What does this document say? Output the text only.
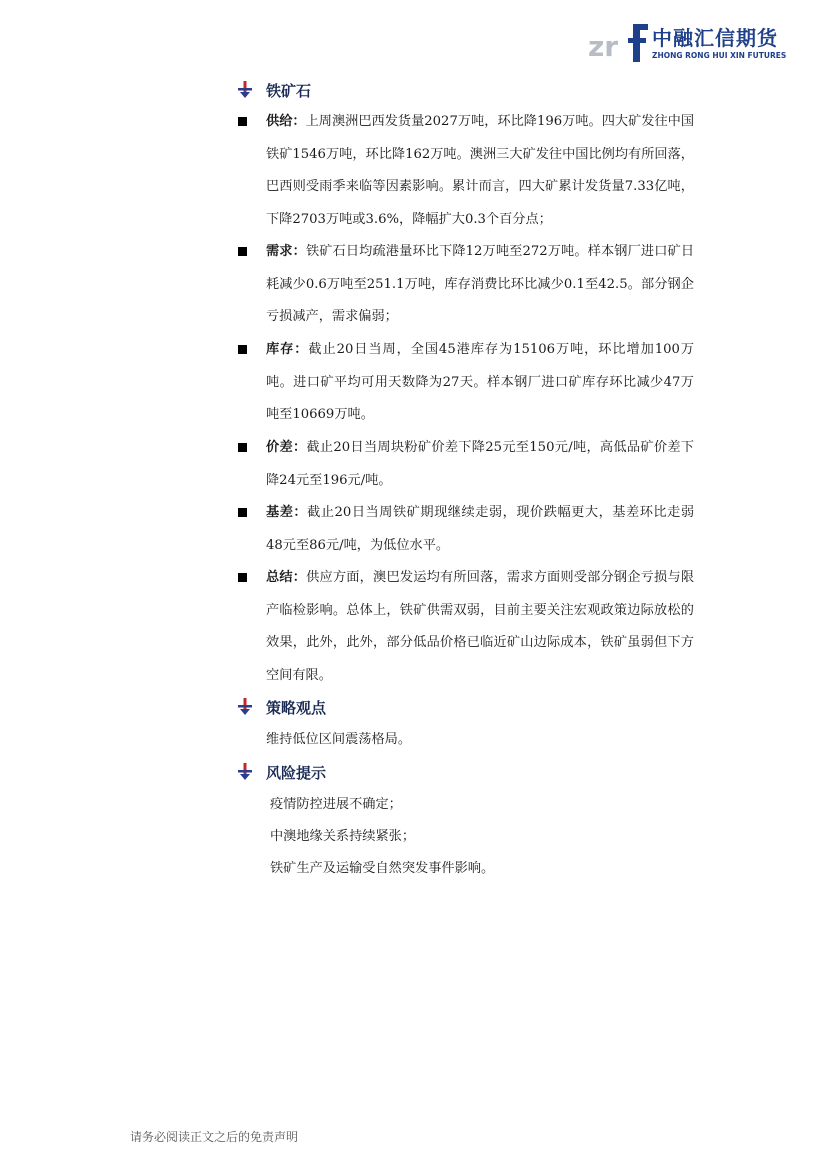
zr 中融汇信期货
ZHONG RONG HUI XIN FUTURES
铁矿石

供给：上周澳洲巴西发货量2027万吨，环比降196万吨。四大矿发往中国铁矿1546万吨，环比降162万吨。澳洲三大矿发往中国比例均有所回落，巴西则受雨季来临等因素影响。累计而言，四大矿累计发货量7.33亿吨，下降2703万吨或3.6%，降幅扩大0.3个百分点；

需求：铁矿石日均疏港量环比下降12万吨至272万吨。样本钢厂进口矿日耗减少0.6万吨至251.1万吨，库存消费比环比减少0.1至42.5。部分钢企亏损减产，需求偏弱；

库存：截止20日当周，全国45港库存为15106万吨，环比增加100万吨。进口矿平均可用天数降为27天。样本钢厂进口矿库存环比减少47万吨至10669万吨。

价差：截止20日当周块粉矿价差下降25元至150元/吨，高低品矿价差下降24元至196元/吨。

基差：截止20日当周铁矿期现继续走弱，现价跌幅更大，基差环比走弱48元至86元/吨，为低位水平。

总结：供应方面，澳巴发运均有所回落，需求方面则受部分钢企亏损与限产临检影响。总体上，铁矿供需双弱，目前主要关注宏观政策边际放松的效果，此外，此外，部分低品价格已临近矿山边际成本，铁矿虽弱但下方空间有限。

策略观点
维持低位区间震荡格局。
风险提示
疫情防控进展不确定；
中澳地缘关系持续紧张；
铁矿生产及运输受自然突发事件影响。
请务必阅读正文之后的免责声明
